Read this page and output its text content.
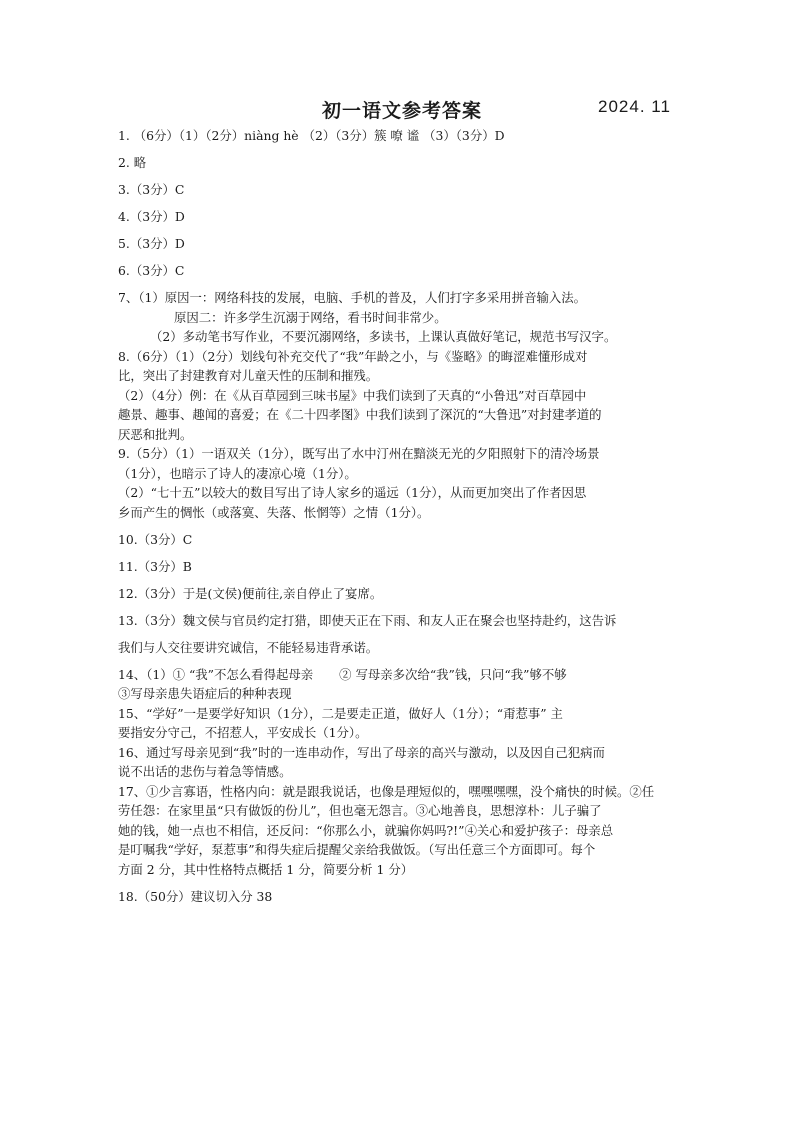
初一语文参考答案	2024. 11
1. （6分）（1）（2分）niàng hè （2）（3分）簇 嘹 谧 （3）（3分）D
2. 略
3.（3分）C
4.（3分）D
5.（3分）D
6.（3分）C
7、（1）原因一：网络科技的发展，电脑、手机的普及，人们打字多采用拼音输入法。
原因二：许多学生沉溺于网络，看书时间非常少。
（2）多动笔书写作业，不要沉溺网络，多读书，上课认真做好笔记，规范书写汉字。
8.（6分）（1）（2分）划线句补充交代了“我”年龄之小，与《鉴略》的晦涩难懂形成对
比，突出了封建教育对儿童天性的压制和摧残。
（2）（4分）例：在《从百草园到三味书屋》中我们读到了天真的“小鲁迅”对百草园中
趣景、趣事、趣闻的喜爱；在《二十四孝图》中我们读到了深沉的“大鲁迅”对封建孝道的
厌恶和批判。
9.（5分）（1）一语双关（1分），既写出了水中汀州在黯淡无光的夕阳照射下的清冷场景
（1分），也暗示了诗人的凄凉心境（1分）。
（2）“七十五”以较大的数目写出了诗人家乡的遥远（1分），从而更加突出了作者因思
乡而产生的惆怅（或落寞、失落、怅惘等）之情（1分）。
10.（3分）C
11.（3分）B
12.（3分）于是(文侯)便前往,亲自停止了宴席。
13.（3分）魏文侯与官员约定打猎，即使天正在下雨、和友人正在聚会也坚持赴约，这告诉
我们与人交往要讲究诚信，不能轻易违背承诺。
14、（1）① “我”不怎么看得起母亲 ② 写母亲多次给“我”钱，只问“我”够不够
③写母亲患失语症后的种种表现
15、“学好”一是要学好知识（1分），二是要走正道，做好人（1分）；“甭惹事” 主
要指安分守己，不招惹人，平安成长（1分）。
16、通过写母亲见到“我”时的一连串动作，写出了母亲的高兴与激动，以及因自己犯病而
说不出话的悲伤与着急等情感。
17、①少言寡语，性格内向：就是跟我说话，也像是理短似的，嘿嘿嘿嘿，没个痛快的时候。②任
劳任怨：在家里虽“只有做饭的份儿”，但也毫无怨言。③心地善良，思想淳朴：儿子骗了
她的钱，她一点也不相信，还反问：“你那么小，就骗你妈吗?!”④关心和爱护孩子：母亲总
是叮嘱我“学好，泵惹事”和得失症后提醒父亲给我做饭。（写出任意三个方面即可。每个
方面 2 分，其中性格特点概括 1 分，简要分析 1 分）
18.（50分）建议切入分 38
